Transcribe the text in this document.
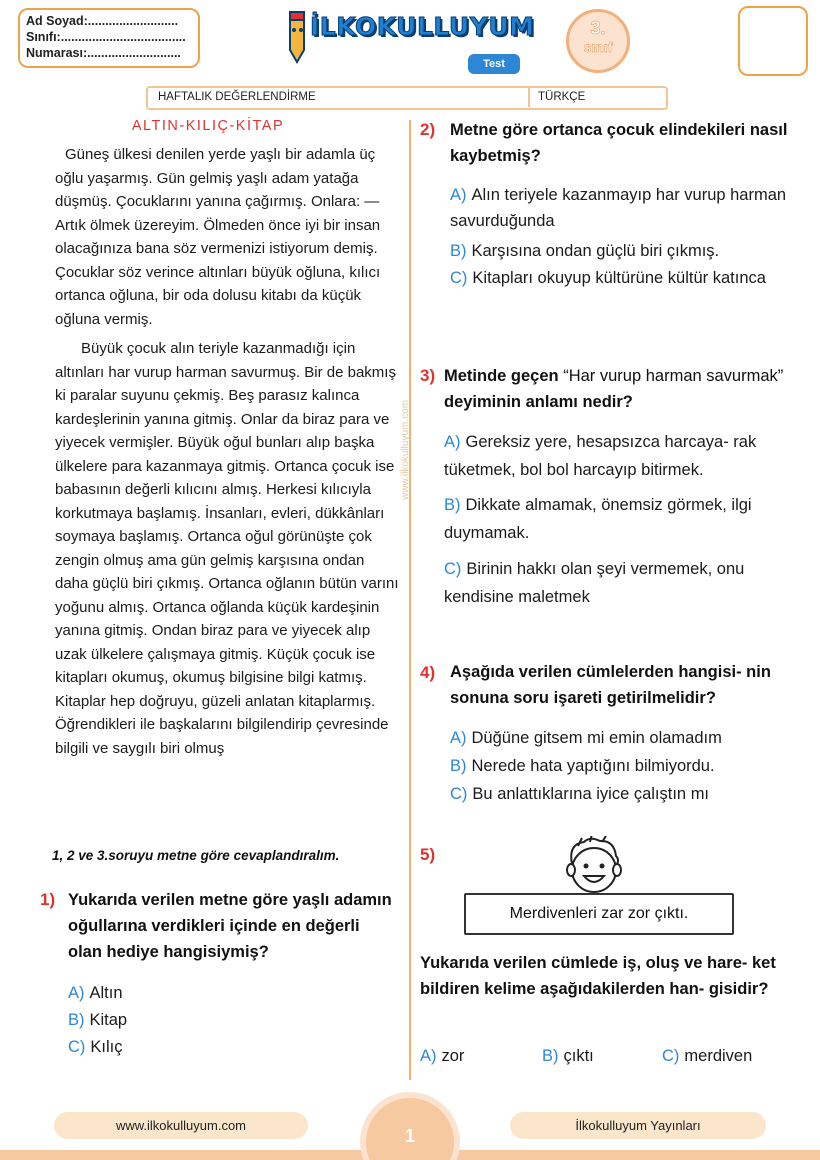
Ad Soyad:..........................
Sınıfı:....................................
Numarası:...........................
İLKOKULLUYUM
Test
3.
sınıf
HAFTALIK DEĞERLENDİRME	TÜRKÇE
www.ilkokulluyum.com
ALTIN-KILIÇ-KİTAP

Güneş ülkesi denilen yerde yaşlı bir adamla üç oğlu yaşarmış. Gün gelmiş yaşlı adam yatağa düşmüş. Çocuklarını yanına çağırmış. Onlara: —Artık ölmek üzereyim. Ölmeden önce iyi bir insan olacağınıza bana söz vermenizi istiyorum demiş. Çocuklar söz verince altınları büyük oğluna, kılıcı ortanca oğluna, bir oda dolusu kitabı da küçük oğluna vermiş.

Büyük çocuk alın teriyle kazanmadığı için altınları har vurup harman savurmuş. Bir de bakmış ki paralar suyunu çekmiş. Beş parasız kalınca kardeşlerinin yanına gitmiş. Onlar da biraz para ve yiyecek vermişler. Büyük oğul bunları alıp başka ülkelere para kazanmaya gitmiş. Ortanca çocuk ise babasının değerli kılıcını almış. Herkesi kılıcıyla korkutmaya başlamış. İnsanları, evleri, dükkânları soymaya başlamış. Ortanca oğul görünüşte çok zengin olmuş ama gün gelmiş karşısına ondan daha güçlü biri çıkmış. Ortanca oğlanın bütün varını yoğunu almış. Ortanca oğlanda küçük kardeşinin yanına gitmiş. Ondan biraz para ve yiyecek alıp uzak ülkelere çalışmaya gitmiş. Küçük çocuk ise kitapları okumuş, okumuş bilgisine bilgi katmış. Kitaplar hep doğruyu, güzeli anlatan kitaplarmış. Öğrendikleri ile başkalarını bilgilendirip çevresinde bilgili ve saygılı biri olmuş

1, 2 ve 3.soruyu metne göre cevaplandıralım.
1) Yukarıda verilen metne göre yaşlı adamın oğullarına verdikleri içinde en değerli olan hediye hangisiymiş?
A) Altın
B) Kitap
C) Kılıç
2) Metne göre ortanca çocuk elindekileri nasıl kaybetmiş?
A) Alın teriyele kazanmayıp har vurup harman savurduğunda
B) Karşısına ondan güçlü biri çıkmış.
C) Kitapları okuyup kültürüne kültür katınca
3) Metinde geçen “Har vurup harman savurmak” deyiminin anlamı nedir?
A) Gereksiz yere, hesapsızca harcaya- rak tüketmek, bol bol harcayıp bitirmek.
B) Dikkate almamak, önemsiz görmek, ilgi duymamak.
C) Birinin hakkı olan şeyi vermemek, onu kendisine maletmek
4) Aşağıda verilen cümlelerden hangisi- nin sonuna soru işareti getirilmelidir?
A) Düğüne gitsem mi emin olamadım
B) Nerede hata yaptığını bilmiyordu.
C) Bu anlattıklarına iyice çalıştın mı
5)
Merdivenleri zar zor çıktı.
Yukarıda verilen cümlede iş, oluş ve hare- ket bildiren kelime aşağıdakilerden han- gisidir?
A) zor	B) çıktı	C) merdiven
www.ilkokulluyum.com	İlkokulluyum Yayınları
1
